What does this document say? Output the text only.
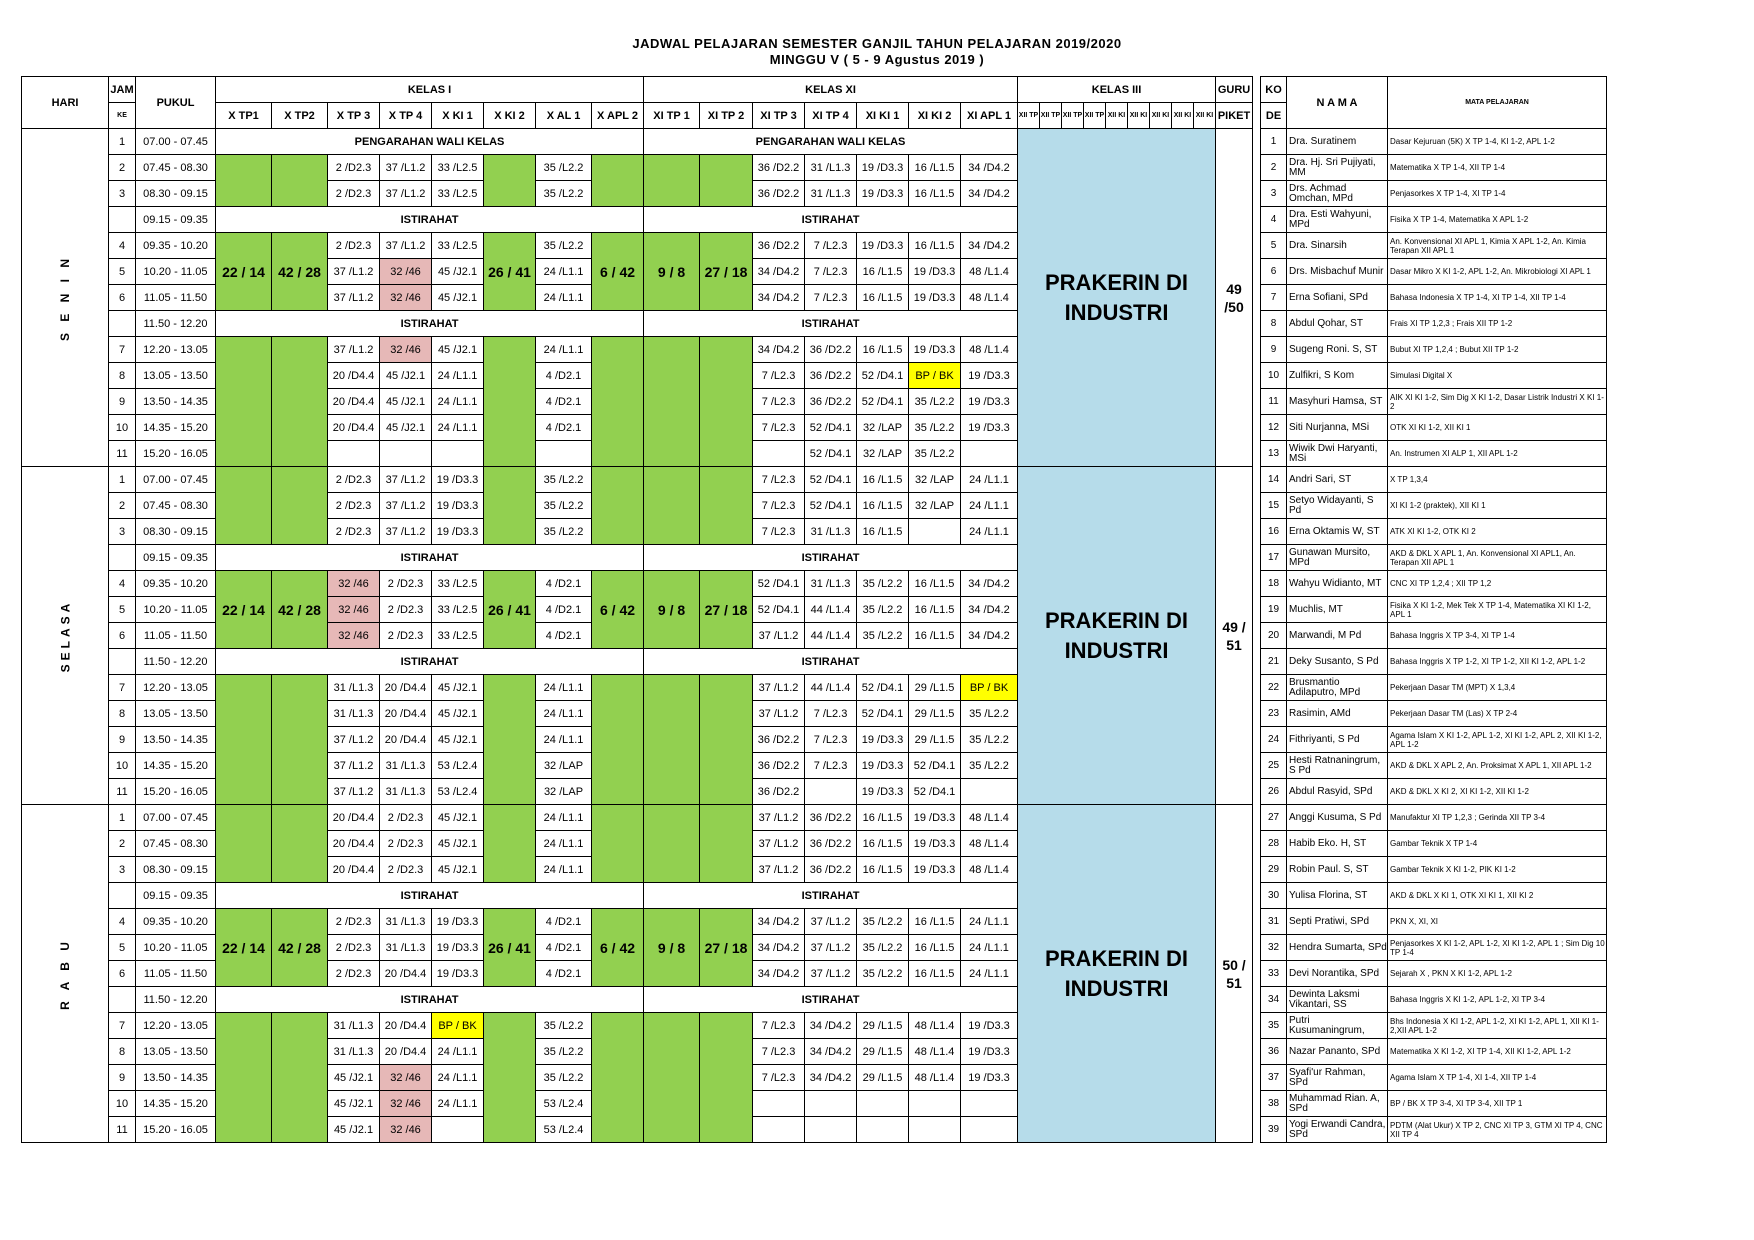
JADWAL PELAJARAN SEMESTER GANJIL TAHUN PELAJARAN 2019/2020
MINGGU V ( 5 - 9 Agustus 2019 )
HARI	JAM	PUKUL	KELAS I								KELAS XI							KELAS III									GURU		KO	N A M A	MATA PELAJARAN
	KE		X TP1	X TP2	X TP 3	X TP 4	X KI 1	X KI 2	X AL 1	X APL 2	XI TP 1	XI TP 2	XI TP 3	XI TP 4	XI KI 1	XI KI 2	XI APL 1	XII TP	XII TP	XII TP	XII TP	XII KI	XII KI	XII KI	XII KI	XII KI	PIKET		DE		
S E N I N	1	07.00 - 07.45	PENGARAHAN WALI KELAS								PENGARAHAN WALI KELAS							PRAKERIN DI INDUSTRI									49 /50		1	Dra. Suratinem	Dasar Kejuruan (5K) X TP 1-4, KI 1-2, APL 1-2
	2	07.45 - 08.30			2 /D2.3	37 /L1.2	33 /L2.5		35 /L2.2				36 /D2.2	31 /L1.3	19 /D3.3	16 /L1.5	34 /D4.2												2	Dra. Hj. Sri Pujiyati, MM	Matematika X TP 1-4, XII TP 1-4
	3	08.30 - 09.15			2 /D2.3	37 /L1.2	33 /L2.5		35 /L2.2				36 /D2.2	31 /L1.3	19 /D3.3	16 /L1.5	34 /D4.2												3	Drs. Achmad Omchan, MPd	Penjasorkes X TP 1-4, XI TP 1-4
		09.15 - 09.35	ISTIRAHAT								ISTIRAHAT																		4	Dra. Esti Wahyuni, MPd	Fisika X TP 1-4, Matematika X APL 1-2
	4	09.35 - 10.20	22 / 14	42 / 28	2 /D2.3	37 /L1.2	33 /L2.5	26 / 41	35 /L2.2	6 / 42	9 / 8	27 / 18	36 /D2.2	7 /L2.3	19 /D3.3	16 /L1.5	34 /D4.2												5	Dra. Sinarsih	An. Konvensional XI APL 1, Kimia X APL 1-2, An. Kimia Terapan XII APL 1
	5	10.20 - 11.05			37 /L1.2	32 /46	45 /J2.1		24 /L1.1				34 /D4.2	7 /L2.3	16 /L1.5	19 /D3.3	48 /L1.4												6	Drs. Misbachuf Munir	Dasar Mikro X KI 1-2, APL 1-2, An. Mikrobiologi XI APL 1
	6	11.05 - 11.50			37 /L1.2	32 /46	45 /J2.1		24 /L1.1				34 /D4.2	7 /L2.3	16 /L1.5	19 /D3.3	48 /L1.4												7	Erna Sofiani, SPd	Bahasa Indonesia X TP 1-4, XI TP 1-4, XII TP 1-4
		11.50 - 12.20	ISTIRAHAT								ISTIRAHAT																		8	Abdul Qohar, ST	Frais XI TP 1,2,3 ; Frais XII TP 1-2
	7	12.20 - 13.05			37 /L1.2	32 /46	45 /J2.1		24 /L1.1				34 /D4.2	36 /D2.2	16 /L1.5	19 /D3.3	48 /L1.4												9	Sugeng Roni. S, ST	Bubut XI TP 1,2,4 ; Bubut XII TP 1-2
	8	13.05 - 13.50			20 /D4.4	45 /J2.1	24 /L1.1		4 /D2.1				7 /L2.3	36 /D2.2	52 /D4.1	BP / BK	19 /D3.3												10	Zulfikri, S Kom	Simulasi Digital X
	9	13.50 - 14.35			20 /D4.4	45 /J2.1	24 /L1.1		4 /D2.1				7 /L2.3	36 /D2.2	52 /D4.1	35 /L2.2	19 /D3.3												11	Masyhuri Hamsa, ST	AIK XI KI 1-2, Sim Dig X KI 1-2, Dasar Listrik Industri X KI 1-2
	10	14.35 - 15.20			20 /D4.4	45 /J2.1	24 /L1.1		4 /D2.1				7 /L2.3	52 /D4.1	32 /LAP	35 /L2.2	19 /D3.3												12	Siti Nurjanna, MSi	OTK XI KI 1-2, XII KI 1
	11	15.20 - 16.05												52 /D4.1	32 /LAP	35 /L2.2													13	Wiwik Dwi Haryanti, MSi	An. Instrumen XI ALP 1, XII APL 1-2
SELASA	1	07.00 - 07.45			2 /D2.3	37 /L1.2	19 /D3.3		35 /L2.2				7 /L2.3	52 /D4.1	16 /L1.5	32 /LAP	24 /L1.1	PRAKERIN DI INDUSTRI									49 / 51		14	Andri Sari, ST	X TP 1,3,4
	2	07.45 - 08.30			2 /D2.3	37 /L1.2	19 /D3.3		35 /L2.2				7 /L2.3	52 /D4.1	16 /L1.5	32 /LAP	24 /L1.1												15	Setyo Widayanti, S Pd	XI KI 1-2 (praktek), XII KI 1
	3	08.30 - 09.15			2 /D2.3	37 /L1.2	19 /D3.3		35 /L2.2				7 /L2.3	31 /L1.3	16 /L1.5		24 /L1.1												16	Erna Oktamis W, ST	ATK XI KI 1-2, OTK KI 2
		09.15 - 09.35	ISTIRAHAT								ISTIRAHAT																		17	Gunawan Mursito, MPd	AKD & DKL X APL 1, An. Konvensional XI APL1, An. Terapan XII APL 1
	4	09.35 - 10.20	22 / 14	42 / 28	32 /46	2 /D2.3	33 /L2.5	26 / 41	4 /D2.1	6 / 42	9 / 8	27 / 18	52 /D4.1	31 /L1.3	35 /L2.2	16 /L1.5	34 /D4.2												18	Wahyu Widianto, MT	CNC XI TP 1,2,4 ; XII TP 1,2
	5	10.20 - 11.05			32 /46	2 /D2.3	33 /L2.5		4 /D2.1				52 /D4.1	44 /L1.4	35 /L2.2	16 /L1.5	34 /D4.2												19	Muchlis, MT	Fisika X KI 1-2, Mek Tek X TP 1-4, Matematika XI KI 1-2, APL 1
	6	11.05 - 11.50			32 /46	2 /D2.3	33 /L2.5		4 /D2.1				37 /L1.2	44 /L1.4	35 /L2.2	16 /L1.5	34 /D4.2												20	Marwandi, M Pd	Bahasa Inggris X TP 3-4, XI TP 1-4
		11.50 - 12.20	ISTIRAHAT								ISTIRAHAT																		21	Deky Susanto, S Pd	Bahasa Inggris X TP 1-2, XI TP 1-2, XII KI 1-2, APL 1-2
	7	12.20 - 13.05			31 /L1.3	20 /D4.4	45 /J2.1		24 /L1.1				37 /L1.2	44 /L1.4	52 /D4.1	29 /L1.5	BP / BK												22	Brusmantio Adilaputro, MPd	Pekerjaan Dasar TM (MPT) X 1,3,4
	8	13.05 - 13.50			31 /L1.3	20 /D4.4	45 /J2.1		24 /L1.1				37 /L1.2	7 /L2.3	52 /D4.1	29 /L1.5	35 /L2.2												23	Rasimin, AMd	Pekerjaan Dasar TM (Las) X TP 2-4
	9	13.50 - 14.35			37 /L1.2	20 /D4.4	45 /J2.1		24 /L1.1				36 /D2.2	7 /L2.3	19 /D3.3	29 /L1.5	35 /L2.2												24	Fithriyanti, S Pd	Agama Islam X KI 1-2, APL 1-2, XI KI 1-2, APL 2, XII KI 1-2, APL 1-2
	10	14.35 - 15.20			37 /L1.2	31 /L1.3	53 /L2.4		32 /LAP				36 /D2.2	7 /L2.3	19 /D3.3	52 /D4.1	35 /L2.2												25	Hesti Ratnaningrum, S Pd	AKD & DKL X APL 2, An. Proksimat X APL 1, XII APL 1-2
	11	15.20 - 16.05			37 /L1.2	31 /L1.3	53 /L2.4		32 /LAP				36 /D2.2		19 /D3.3	52 /D4.1													26	Abdul Rasyid, SPd	AKD & DKL X KI 2, XI KI 1-2, XII KI 1-2
R A B U	1	07.00 - 07.45			20 /D4.4	2 /D2.3	45 /J2.1		24 /L1.1				37 /L1.2	36 /D2.2	16 /L1.5	19 /D3.3	48 /L1.4	PRAKERIN DI INDUSTRI									50 / 51		27	Anggi Kusuma, S Pd	Manufaktur XI TP 1,2,3 ; Gerinda XII TP 3-4
	2	07.45 - 08.30			20 /D4.4	2 /D2.3	45 /J2.1		24 /L1.1				37 /L1.2	36 /D2.2	16 /L1.5	19 /D3.3	48 /L1.4												28	Habib Eko. H, ST	Gambar Teknik X TP 1-4
	3	08.30 - 09.15			20 /D4.4	2 /D2.3	45 /J2.1		24 /L1.1				37 /L1.2	36 /D2.2	16 /L1.5	19 /D3.3	48 /L1.4												29	Robin Paul. S, ST	Gambar Teknik X KI 1-2, PIK KI 1-2
		09.15 - 09.35	ISTIRAHAT								ISTIRAHAT																		30	Yulisa Florina, ST	AKD & DKL X KI 1, OTK XI KI 1, XII KI 2
	4	09.35 - 10.20	22 / 14	42 / 28	2 /D2.3	31 /L1.3	19 /D3.3	26 / 41	4 /D2.1	6 / 42	9 / 8	27 / 18	34 /D4.2	37 /L1.2	35 /L2.2	16 /L1.5	24 /L1.1												31	Septi Pratiwi, SPd	PKN X, XI, XI
	5	10.20 - 11.05			2 /D2.3	31 /L1.3	19 /D3.3		4 /D2.1				34 /D4.2	37 /L1.2	35 /L2.2	16 /L1.5	24 /L1.1												32	Hendra Sumarta, SPd	Penjasorkes X KI 1-2, APL 1-2, XI KI 1-2, APL 1 ; Sim Dig 10 TP 1-4
	6	11.05 - 11.50			2 /D2.3	20 /D4.4	19 /D3.3		4 /D2.1				34 /D4.2	37 /L1.2	35 /L2.2	16 /L1.5	24 /L1.1												33	Devi Norantika, SPd	Sejarah X , PKN X KI 1-2, APL 1-2
		11.50 - 12.20	ISTIRAHAT								ISTIRAHAT																		34	Dewinta Laksmi Vikantari, SS	Bahasa Inggris X KI 1-2, APL 1-2, XI TP 3-4
	7	12.20 - 13.05			31 /L1.3	20 /D4.4	BP / BK		35 /L2.2				7 /L2.3	34 /D4.2	29 /L1.5	48 /L1.4	19 /D3.3												35	Putri Kusumaningrum,	Bhs Indonesia X KI 1-2, APL 1-2, XI KI 1-2, APL 1, XII KI 1-2,XII APL 1-2
	8	13.05 - 13.50			31 /L1.3	20 /D4.4	24 /L1.1		35 /L2.2				7 /L2.3	34 /D4.2	29 /L1.5	48 /L1.4	19 /D3.3												36	Nazar Pananto, SPd	Matematika X KI 1-2, XI TP 1-4, XII KI 1-2, APL 1-2
	9	13.50 - 14.35			45 /J2.1	32 /46	24 /L1.1		35 /L2.2				7 /L2.3	34 /D4.2	29 /L1.5	48 /L1.4	19 /D3.3												37	Syafi'ur Rahman, SPd	Agama Islam X TP 1-4, XI 1-4, XII TP 1-4
	10	14.35 - 15.20			45 /J2.1	32 /46	24 /L1.1		53 /L2.4																				38	Muhammad Rian. A, SPd	BP / BK X TP 3-4, XI TP 3-4, XII TP 1
	11	15.20 - 16.05			45 /J2.1	32 /46			53 /L2.4																				39	Yogi Erwandi Candra, SPd	PDTM (Alat Ukur) X TP 2, CNC XI TP 3, GTM XI TP 4, CNC XII TP 4
